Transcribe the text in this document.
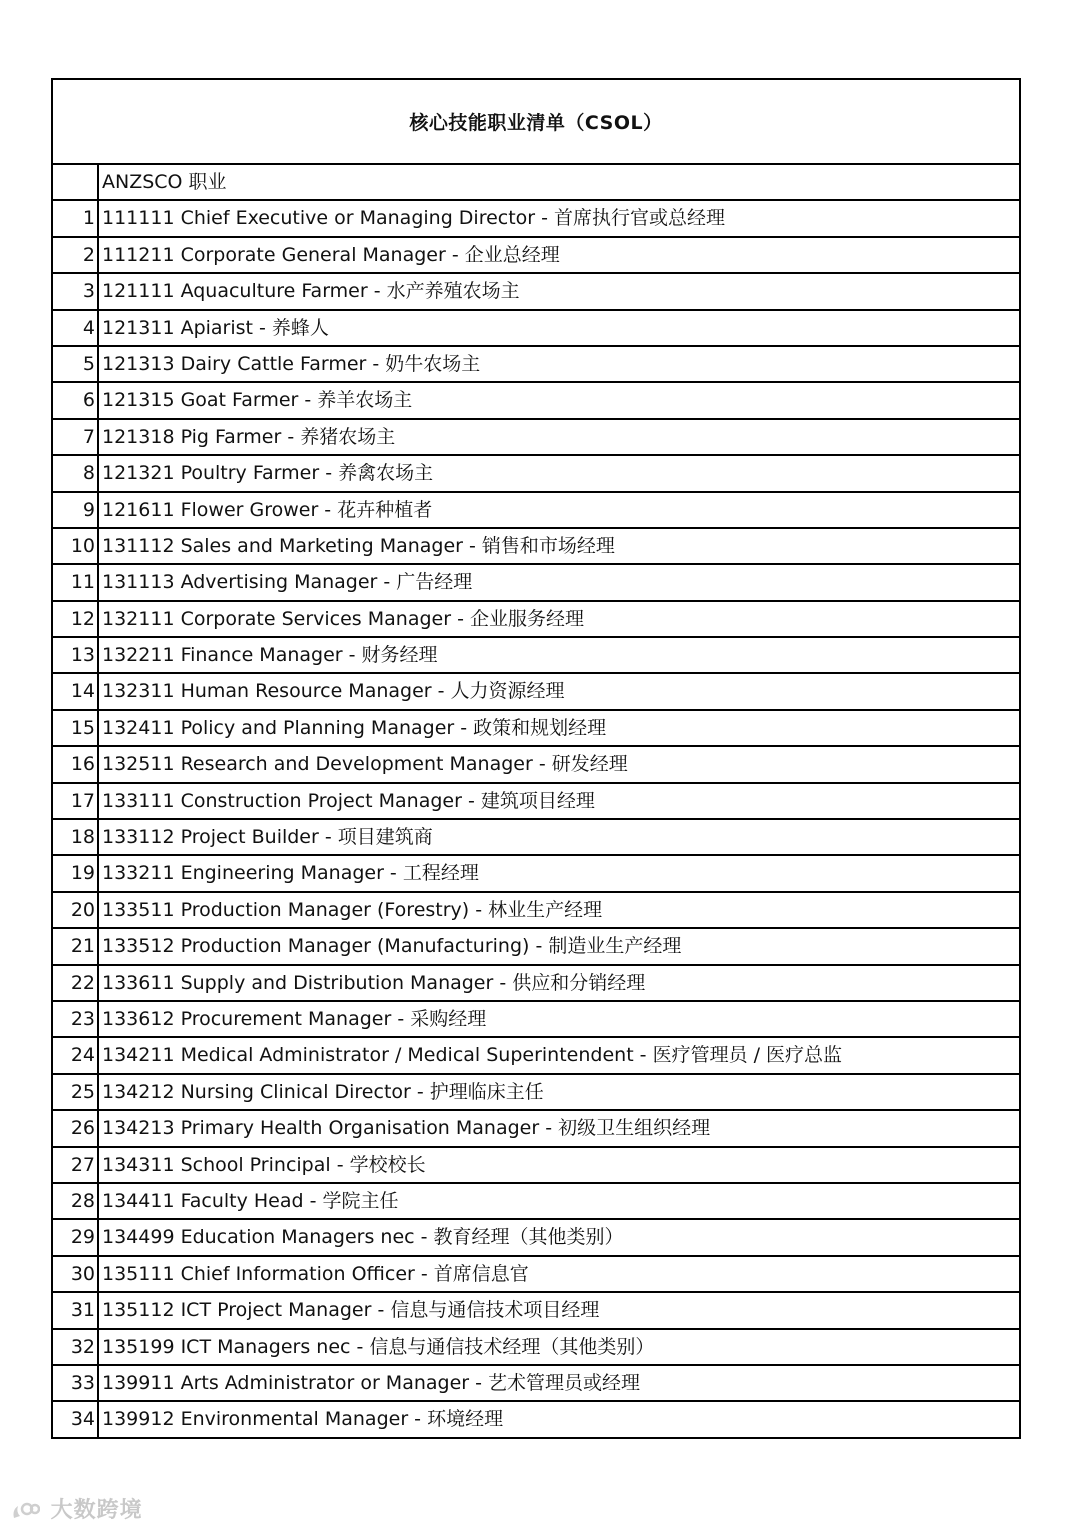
核心技能职业清单（CSOL）
ANZSCO 职业
1 111111 Chief Executive or Managing Director - 首席执行官或总经理
2 111211 Corporate General Manager - 企业总经理
3 121111 Aquaculture Farmer - 水产养殖农场主
4 121311 Apiarist - 养蜂人
5 121313 Dairy Cattle Farmer - 奶牛农场主
6 121315 Goat Farmer - 养羊农场主
7 121318 Pig Farmer - 养猪农场主
8 121321 Poultry Farmer - 养禽农场主
9 121611 Flower Grower - 花卉种植者
10 131112 Sales and Marketing Manager - 销售和市场经理
11 131113 Advertising Manager - 广告经理
12 132111 Corporate Services Manager - 企业服务经理
13 132211 Finance Manager - 财务经理
14 132311 Human Resource Manager - 人力资源经理
15 132411 Policy and Planning Manager - 政策和规划经理
16 132511 Research and Development Manager - 研发经理
17 133111 Construction Project Manager - 建筑项目经理
18 133112 Project Builder - 项目建筑商
19 133211 Engineering Manager - 工程经理
20 133511 Production Manager (Forestry) - 林业生产经理
21 133512 Production Manager (Manufacturing) - 制造业生产经理
22 133611 Supply and Distribution Manager - 供应和分销经理
23 133612 Procurement Manager - 采购经理
24 134211 Medical Administrator / Medical Superintendent - 医疗管理员 / 医疗总监
25 134212 Nursing Clinical Director - 护理临床主任
26 134213 Primary Health Organisation Manager - 初级卫生组织经理
27 134311 School Principal - 学校校长
28 134411 Faculty Head - 学院主任
29 134499 Education Managers nec - 教育经理（其他类别）
30 135111 Chief Information Officer - 首席信息官
31 135112 ICT Project Manager - 信息与通信技术项目经理
32 135199 ICT Managers nec - 信息与通信技术经理（其他类别）
33 139911 Arts Administrator or Manager - 艺术管理员或经理
34 139912 Environmental Manager - 环境经理
大数跨境
